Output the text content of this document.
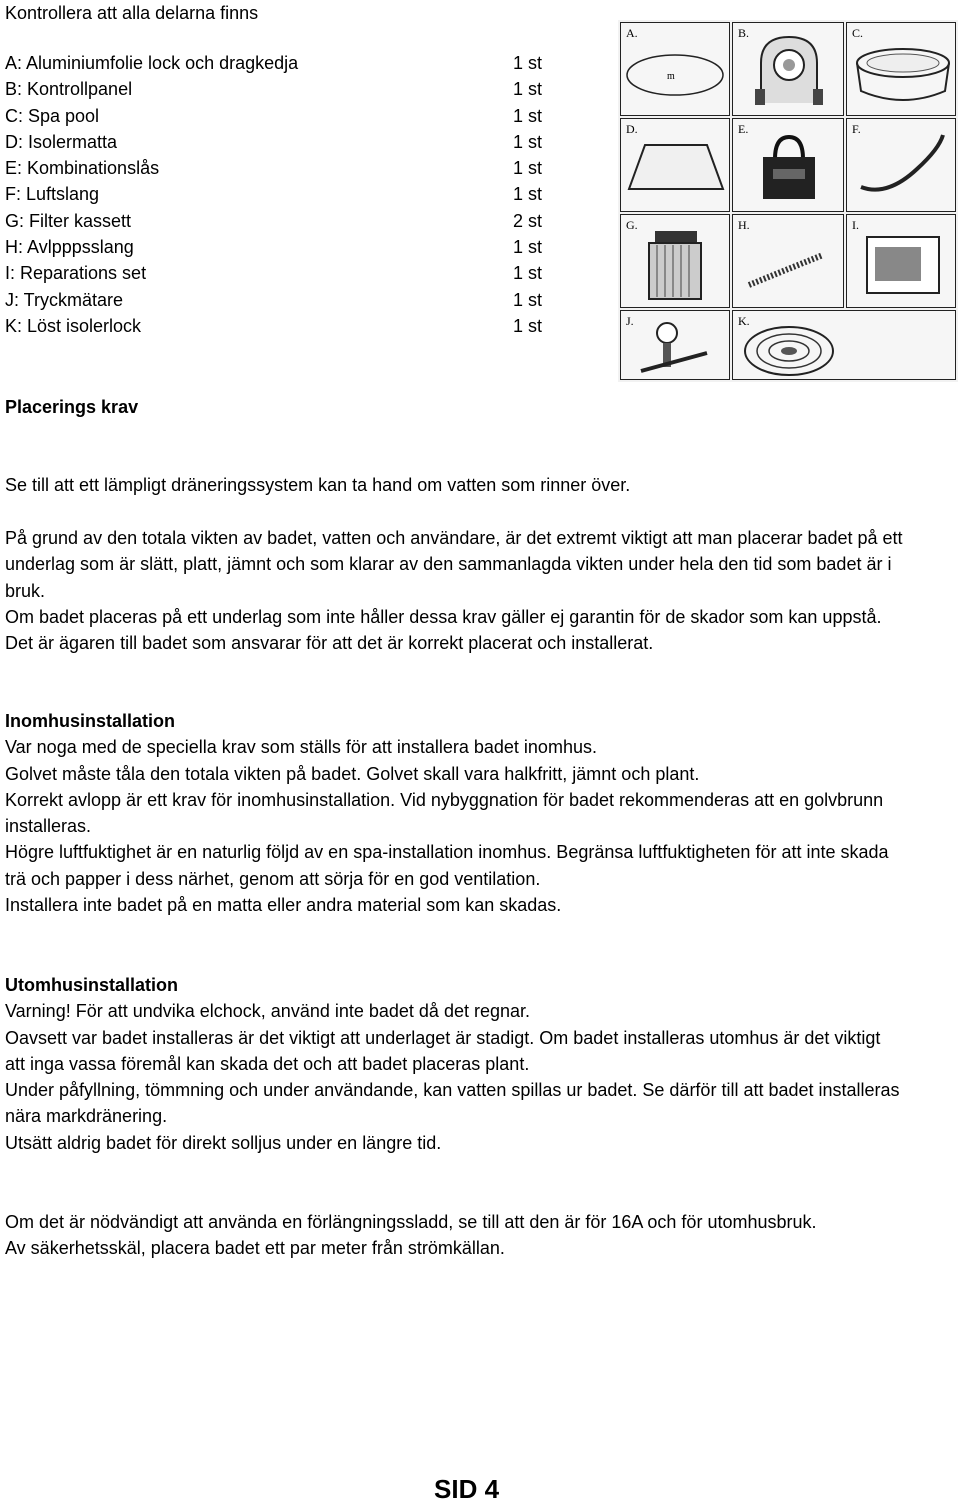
Kontrollera att alla delarna finns
A: Aluminiumfolie lock och dragkedja	1 st
B: Kontrollpanel	1 st
C: Spa pool	1 st
D: Isolermatta	1 st
E: Kombinationslås	1 st
F: Luftslang	1 st
G: Filter kassett	2 st
H: Avlpppsslang	1 st
I: Reparations set	1 st
J: Tryckmätare	1 st
K: Löst isolerlock	1 st
A.
m
B.	C.
D.	E.	F.
G.	H.	I.
J.	K.
Placerings krav
Se till att ett lämpligt dräneringssystem kan ta hand om vatten som rinner över.

På grund av den totala vikten av badet, vatten och användare, är det extremt viktigt att man placerar badet på ett underlag som är slätt, platt, jämnt och som klarar av den sammanlagda vikten under hela den tid som badet är i bruk.

Om badet placeras på ett underlag som inte håller dessa krav gäller ej garantin för de skador som kan uppstå. Det är ägaren till badet som ansvarar för att det är korrekt placerat och installerat.

Inomhusinstallation

Var noga med de speciella krav som ställs för att installera badet inomhus.

Golvet måste tåla den totala vikten på badet. Golvet skall vara halkfritt, jämnt och plant.

Korrekt avlopp är ett krav för inomhusinstallation. Vid nybyggnation för badet rekommenderas att en golvbrunn installeras.

Högre luftfuktighet är en naturlig följd av en spa-installation inomhus. Begränsa luftfuktigheten för att inte skada trä och papper i dess närhet, genom att sörja för en god ventilation.

Installera inte badet på en matta eller andra material som kan skadas.

Utomhusinstallation

Varning! För att undvika elchock, använd inte badet då det regnar.

Oavsett var badet installeras är det viktigt att underlaget är stadigt. Om badet installeras utomhus är det viktigt att inga vassa föremål kan skada det och att badet placeras plant.

Under påfyllning, tömmning och under användande, kan vatten spillas ur badet. Se därför till att badet installeras nära markdränering.

Utsätt aldrig badet för direkt solljus under en längre tid.

Om det är nödvändigt att använda en förlängningssladd, se till att den är för 16A och för utomhusbruk.

Av säkerhetsskäl, placera badet ett par meter från strömkällan.

SID 4
